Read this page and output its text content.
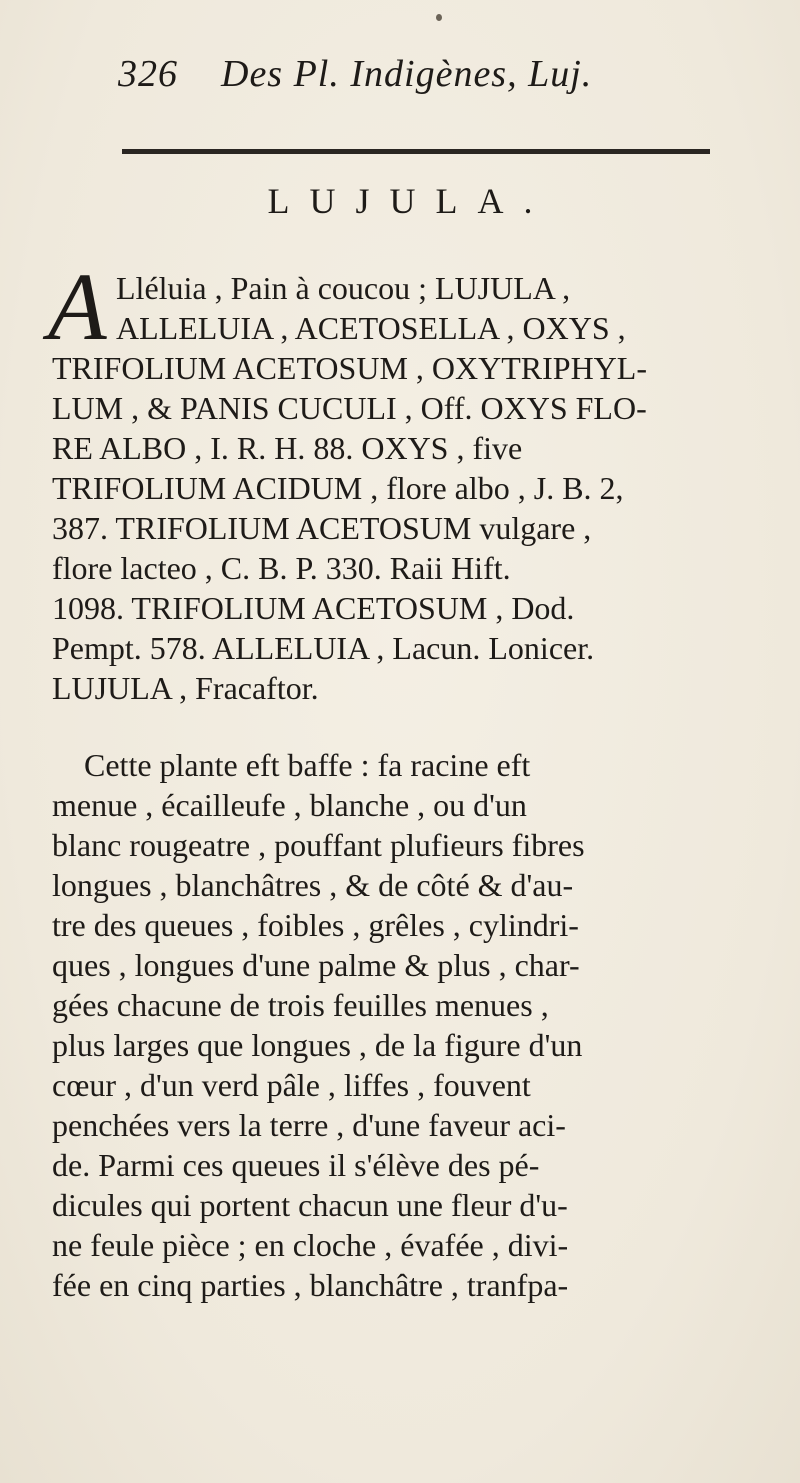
326 Des Pl. Indigènes, Luj.
LUJULA.
A Lléluia , Pain à coucou ; LUJULA ,
ALLELUIA , ACETOSELLA , OXYS ,
TRIFOLIUM ACETOSUM , OXYTRIPHYL-
LUM , & PANIS CUCULI , Off. OXYS FLO-
RE ALBO , I. R. H. 88. OXYS , five
TRIFOLIUM ACIDUM , flore albo , J. B. 2,
387. TRIFOLIUM ACETOSUM vulgare ,
flore lacteo , C. B. P. 330. Raii Hift.
1098. TRIFOLIUM ACETOSUM , Dod.
Pempt. 578. ALLELUIA , Lacun. Lonicer.
LUJULA , Fracaftor.
Cette plante eft baffe : fa racine eft
menue , écailleufe , blanche , ou d'un
blanc rougeatre , pouffant plufieurs fibres
longues , blanchâtres , & de côté & d'au-
tre des queues , foibles , grêles , cylindri-
ques , longues d'une palme & plus , char-
gées chacune de trois feuilles menues ,
plus larges que longues , de la figure d'un
cœur , d'un verd pâle , liffes , fouvent
penchées vers la terre , d'une faveur aci-
de. Parmi ces queues il s'élève des pé-
dicules qui portent chacun une fleur d'u-
ne feule pièce ; en cloche , évafée , divi-
fée en cinq parties , blanchâtre , tranfpa-
